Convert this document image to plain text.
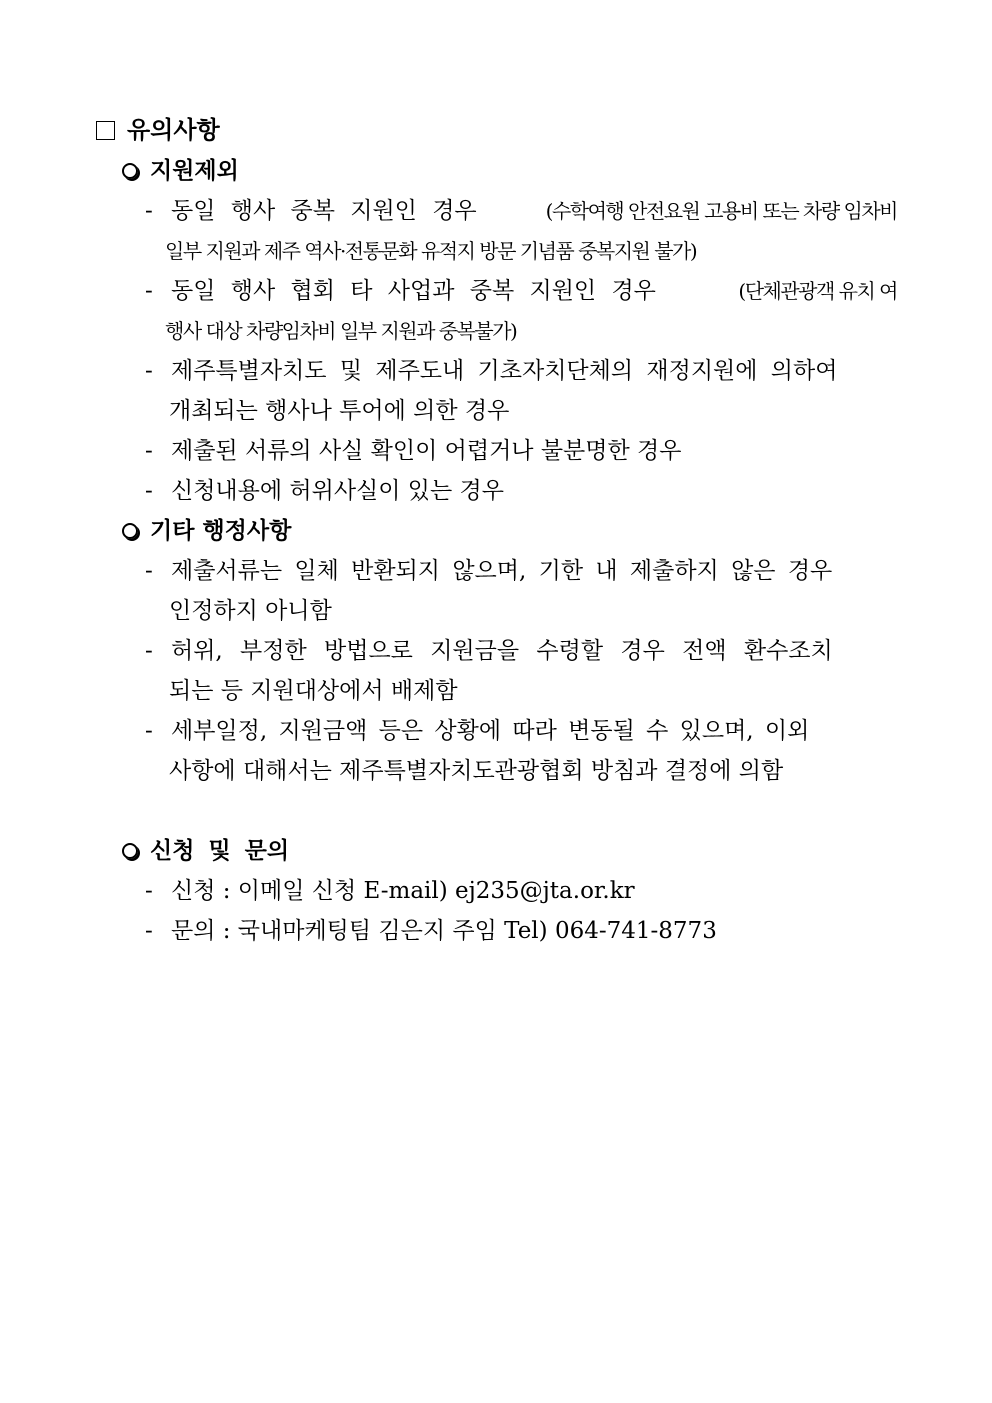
유의사항
지원제외
- 동일 행사 중복 지원인 경우	(수학여행 안전요원 고용비 또는 차량 임차비
일부 지원과 제주 역사·전통문화 유적지 방문 기념품 중복지원 불가)
- 동일 행사 협회 타 사업과 중복 지원인 경우	(단체관광객 유치 여
행사 대상 차량임차비 일부 지원과 중복불가)
- 제주특별자치도 및 제주도내 기초자치단체의 재정지원에 의하여
개최되는 행사나 투어에 의한 경우
- 제출된 서류의 사실 확인이 어렵거나 불분명한 경우
- 신청내용에 허위사실이 있는 경우
기타 행정사항
- 제출서류는 일체 반환되지 않으며, 기한 내 제출하지 않은 경우
인정하지 아니함
- 허위, 부정한 방법으로 지원금을 수령할 경우 전액 환수조치
되는 등 지원대상에서 배제함
- 세부일정, 지원금액 등은 상황에 따라 변동될 수 있으며, 이외
사항에 대해서는 제주특별자치도관광협회 방침과 결정에 의함
신청 및 문의
- 신청 : 이메일 신청 E-mail) ej235@jta.or.kr
- 문의 : 국내마케팅팀 김은지 주임 Tel) 064-741-8773
